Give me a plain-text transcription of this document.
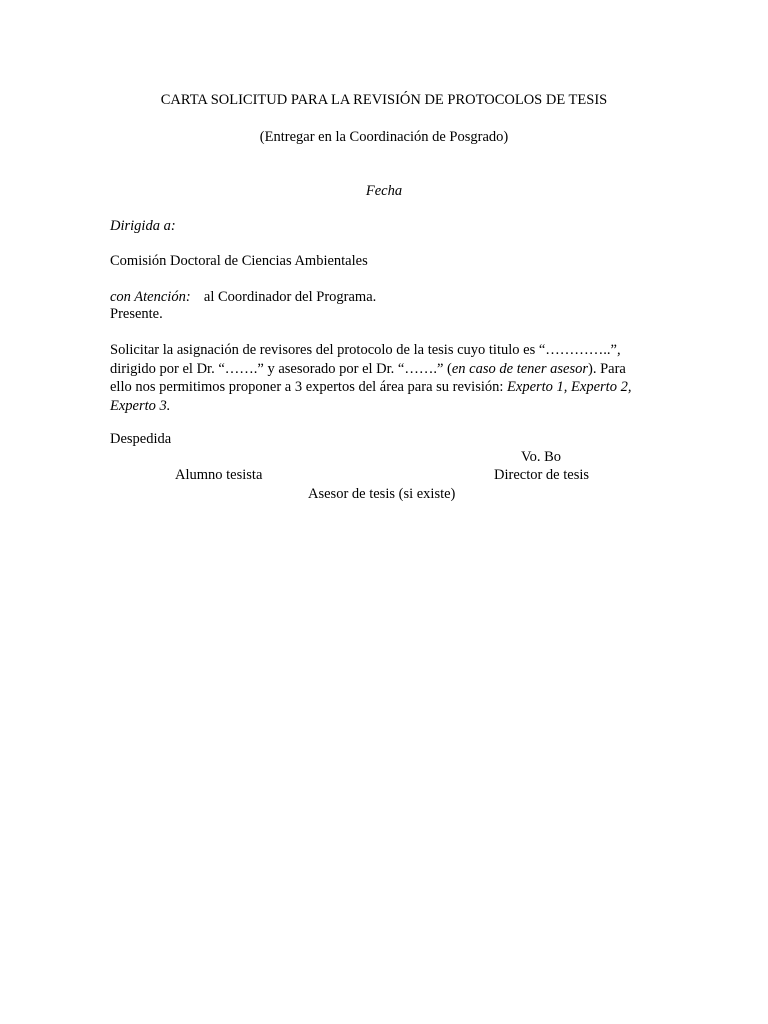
CARTA SOLICITUD PARA LA REVISIÓN DE PROTOCOLOS DE TESIS
(Entregar en la Coordinación de Posgrado)
Fecha
Dirigida a:
Comisión Doctoral de Ciencias Ambientales
con Atención: al Coordinador del Programa.
Presente.
Solicitar la asignación de revisores del protocolo de la tesis cuyo titulo es “…………..”,
dirigido por el Dr. “…….” y asesorado por el Dr. “…….” (en caso de tener asesor). Para
ello nos permitimos proponer a 3 expertos del área para su revisión: Experto 1, Experto 2,
Experto 3.
Despedida
Vo. Bo
Alumno tesista	Director de tesis
Asesor de tesis (si existe)
